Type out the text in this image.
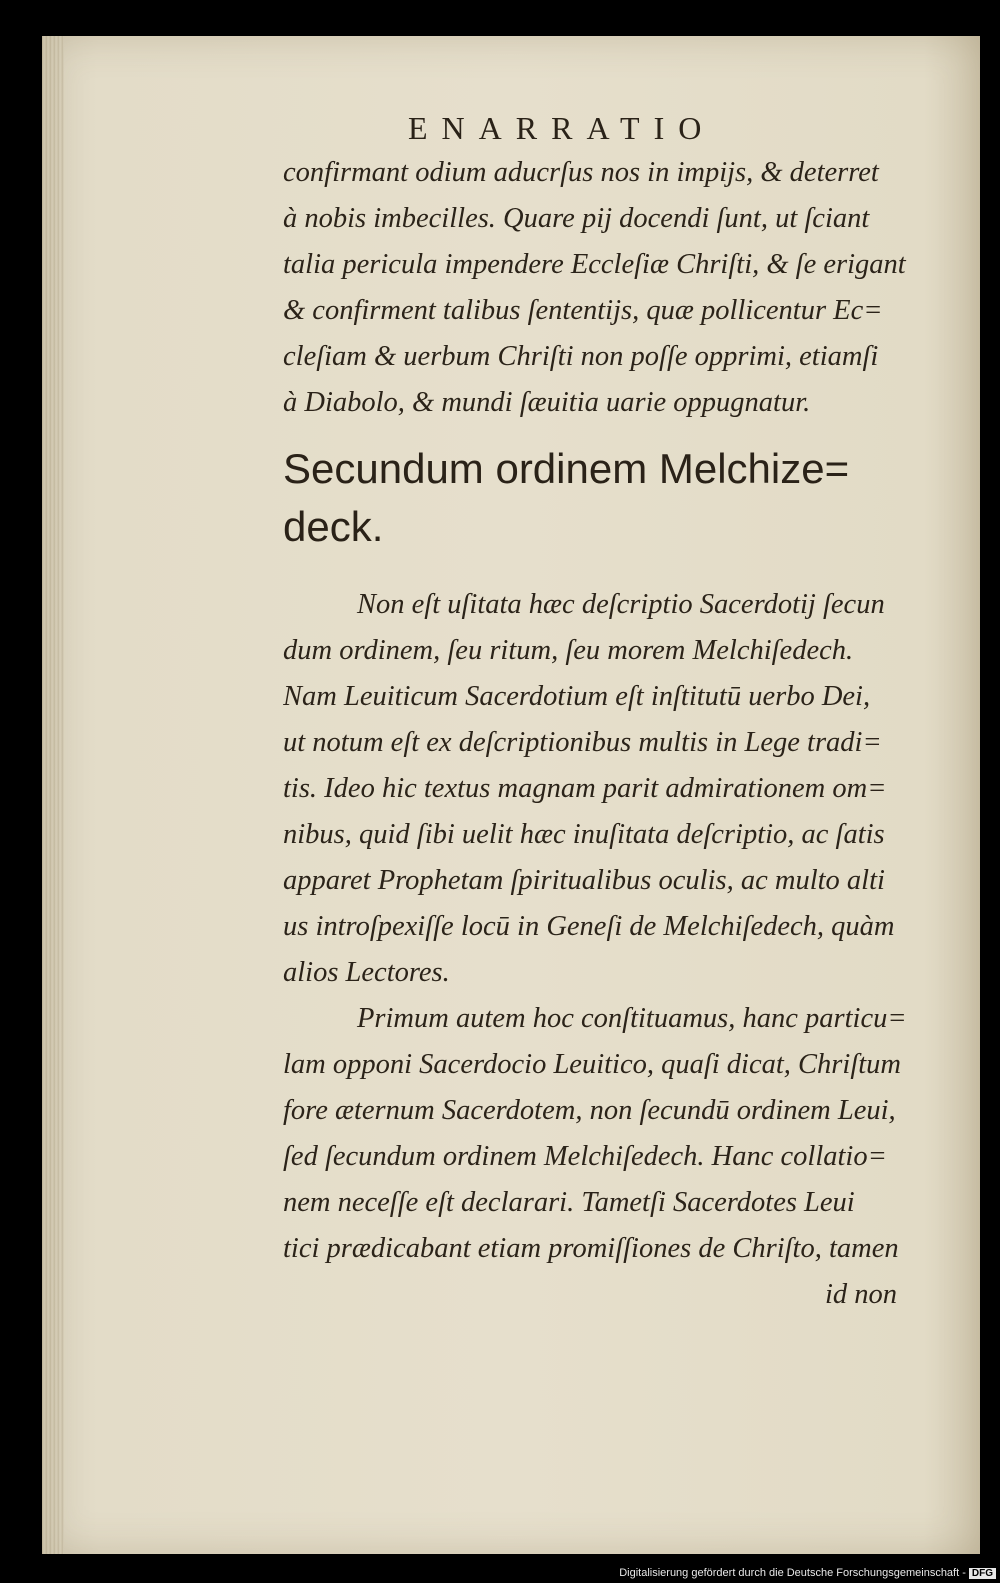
ENARRATIO
confirmant odium aducrſus nos in impijs, & deterret
à nobis imbecilles. Quare pij docendi ſunt, ut ſciant
talia pericula impendere Eccleſiæ Chriſti, & ſe erigant
& confirment talibus ſententijs, quæ pollicentur Ec=
cleſiam & uerbum Chriſti non poſſe opprimi, etiamſi
à Diabolo, & mundi ſæuitia uarie oppugnatur.
Secundum ordinem Melchize=
deck.
Non eſt uſitata hæc deſcriptio Sacerdotij ſecun
dum ordinem, ſeu ritum, ſeu morem Melchiſedech.
Nam Leuiticum Sacerdotium eſt inſtitutū uerbo Dei,
ut notum eſt ex deſcriptionibus multis in Lege tradi=
tis. Ideo hic textus magnam parit admirationem om=
nibus, quid ſibi uelit hæc inuſitata deſcriptio, ac ſatis
apparet Prophetam ſpiritualibus oculis, ac multo alti
us introſpexiſſe locū in Geneſi de Melchiſedech, quàm
alios Lectores.
Primum autem hoc conſtituamus, hanc particu=
lam opponi Sacerdocio Leuitico, quaſi dicat, Chriſtum
fore æternum Sacerdotem, non ſecundū ordinem Leui,
ſed ſecundum ordinem Melchiſedech. Hanc collatio=
nem neceſſe eſt declarari. Tametſi Sacerdotes Leui
tici prædicabant etiam promiſſiones de Chriſto, tamen
id non
Digitalisierung gefördert durch die Deutsche Forschungsgemeinschaft - DFG
